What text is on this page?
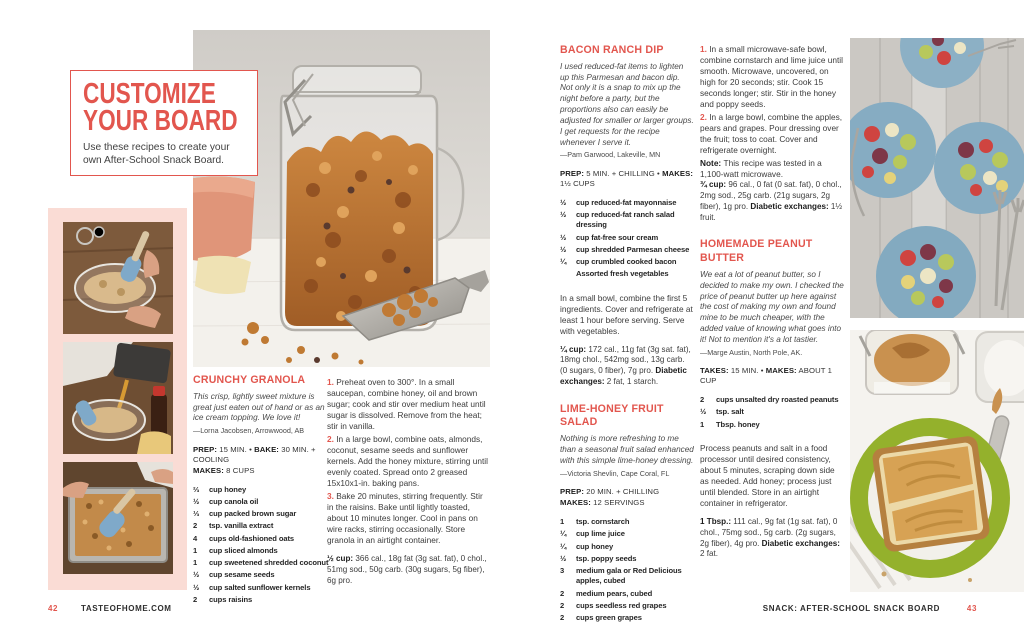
CUSTOMIZE
YOUR BOARD

Use these recipes to create your own After-School Snack Board.

CRUNCHY GRANOLA

This crisp, lightly sweet mixture is great just eaten out of hand or as an ice cream topping. We love it!

—Lorna Jacobsen, Arrowwood, AB

PREP: 15 MIN. • BAKE: 30 MIN. + COOLING

MAKES: 8 CUPS

⅔	cup honey
½	cup canola oil
⅓	cup packed brown sugar
2	tsp. vanilla extract
4	cups old-fashioned oats
1	cup sliced almonds
1	cup sweetened shredded coconut
½	cup sesame seeds
½	cup salted sunflower kernels
2	cups raisins

1. Preheat oven to 300°. In a small saucepan, combine honey, oil and brown sugar; cook and stir over medium heat until sugar is dissolved. Remove from the heat; stir in vanilla.

2. In a large bowl, combine oats, almonds, coconut, sesame seeds and sunflower kernels. Add the honey mixture, stirring until evenly coated. Spread onto 2 greased 15x10x1-in. baking pans.

3. Bake 20 minutes, stirring frequently. Stir in the raisins. Bake until lightly toasted, about 10 minutes longer. Cool in pans on wire racks, stirring occasionally. Store granola in an airtight container.

½ cup: 366 cal., 18g fat (3g sat. fat), 0 chol., 51mg sod., 50g carb. (30g sugars, 5g fiber), 6g pro.

BACON RANCH DIP

I used reduced-fat items to lighten up this Parmesan and bacon dip. Not only it is a snap to mix up the night before a party, but the proportions also can easily be adjusted for smaller or larger groups. I get requests for the recipe whenever I serve it.

—Pam Garwood, Lakeville, MN

PREP: 5 MIN. + CHILLING • MAKES: 1½ CUPS

½	cup reduced-fat mayonnaise
½	cup reduced-fat ranch salad dressing
½	cup fat-free sour cream
½	cup shredded Parmesan cheese
¼	cup crumbled cooked bacon
Assorted fresh vegetables

In a small bowl, combine the first 5 ingredients. Cover and refrigerate at least 1 hour before serving. Serve with vegetables.

¼ cup: 172 cal., 11g fat (3g sat. fat), 18mg chol., 542mg sod., 13g carb. (0 sugars, 0 fiber), 7g pro. Diabetic exchanges: 2 fat, 1 starch.

LIME-HONEY FRUIT SALAD

Nothing is more refreshing to me than a seasonal fruit salad enhanced with this simple lime-honey dressing.

—Victoria Shevlin, Cape Coral, FL

PREP: 20 MIN. + CHILLING

MAKES: 12 SERVINGS

1	tsp. cornstarch
¼	cup lime juice
¼	cup honey
½	tsp. poppy seeds
3	medium gala or Red Delicious apples, cubed
2	medium pears, cubed
2	cups seedless red grapes
2	cups green grapes

1. In a small microwave-safe bowl, combine cornstarch and lime juice until smooth. Microwave, uncovered, on high for 20 seconds; stir. Cook 15 seconds longer; stir. Stir in the honey and poppy seeds.

2. In a large bowl, combine the apples, pears and grapes. Pour dressing over the fruit; toss to coat. Cover and refrigerate overnight.

Note: This recipe was tested in a 1,100-watt microwave.

¾ cup: 96 cal., 0 fat (0 sat. fat), 0 chol., 2mg sod., 25g carb. (21g sugars, 2g fiber), 1g pro. Diabetic exchanges: 1½ fruit.

HOMEMADE PEANUT BUTTER

We eat a lot of peanut butter, so I decided to make my own. I checked the price of peanut butter up here against the cost of making my own and found mine to be much cheaper, with the added value of knowing what goes into it! Not to mention it's a lot tastier.

—Marge Austin, North Pole, AK.

TAKES: 15 MIN. • MAKES: ABOUT 1 CUP

2	cups unsalted dry roasted peanuts
½	tsp. salt
1	Tbsp. honey

Process peanuts and salt in a food processor until desired consistency, about 5 minutes, scraping down side as needed. Add honey; process just until blended. Store in an airtight container in refrigerator.

1 Tbsp.: 111 cal., 9g fat (1g sat. fat), 0 chol., 75mg sod., 5g carb. (2g sugars, 2g fiber), 4g pro. Diabetic exchanges: 2 fat.

42	TASTEOFHOME.COM	SNACK: AFTER-SCHOOL SNACK BOARD	43
